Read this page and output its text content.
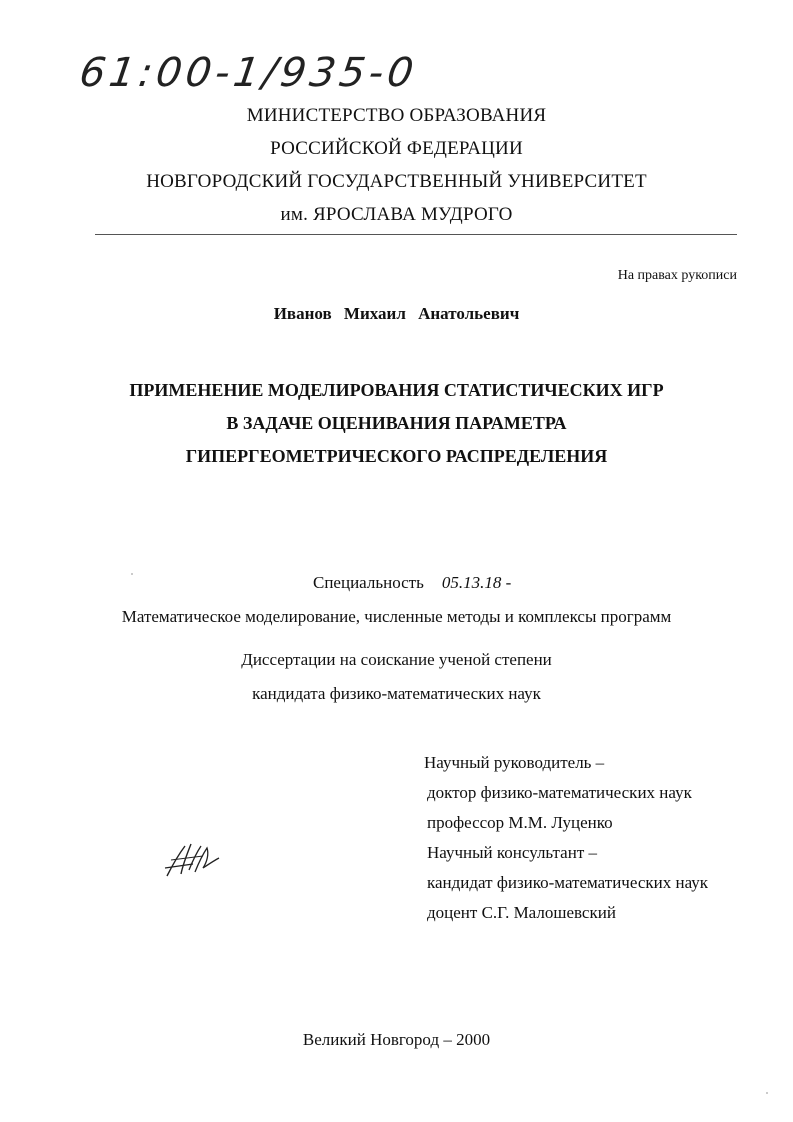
61:00-1/935-0
МИНИСТЕРСТВО ОБРАЗОВАНИЯ
РОССИЙСКОЙ ФЕДЕРАЦИИ
НОВГОРОДСКИЙ ГОСУДАРСТВЕННЫЙ УНИВЕРСИТЕТ
им. ЯРОСЛАВА МУДРОГО
На правах рукописи
Иванов Михаил Анатольевич
ПРИМЕНЕНИЕ МОДЕЛИРОВАНИЯ СТАТИСТИЧЕСКИХ ИГР
В ЗАДАЧЕ ОЦЕНИВАНИЯ ПАРАМЕТРА
ГИПЕРГЕОМЕТРИЧЕСКОГО РАСПРЕДЕЛЕНИЯ
Специальность 05.13.18 -
Математическое моделирование, численные методы и комплексы программ
Диссертации на соискание ученой степени
кандидата физико-математических наук
Научный руководитель –
доктор физико-математических наук
профессор М.М. Луценко
Научный консультант –
кандидат физико-математических наук
доцент С.Г. Малошевский
Великий Новгород – 2000
